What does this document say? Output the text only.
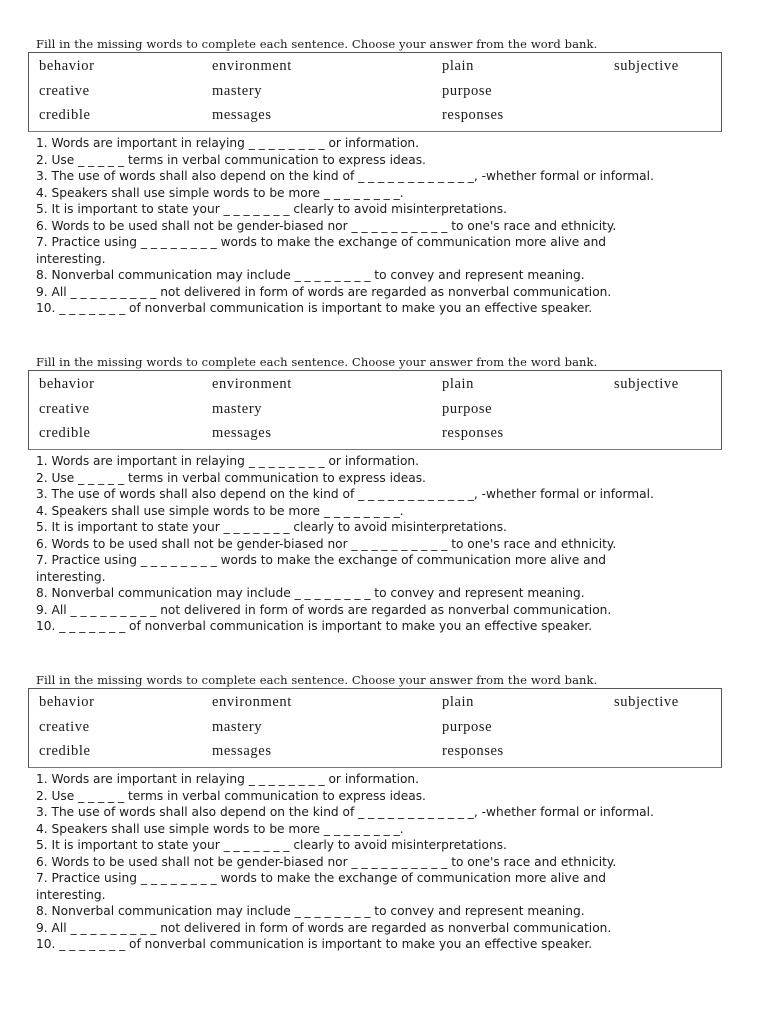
Fill in the missing words to complete each sentence. Choose your answer from the word bank.
behavior	environment	plain	subjective
creative	mastery	purpose
credible	messages	responses
1. Words are important in relaying _ _ _ _ _ _ _ _ or information.
2. Use _ _ _ _ _ terms in verbal communication to express ideas.
3. The use of words shall also depend on the kind of _ _ _ _ _ _ _ _ _ _ _ _, -whether formal or informal.
4. Speakers shall use simple words to be more _ _ _ _ _ _ _ _.
5. It is important to state your _ _ _ _ _ _ _ clearly to avoid misinterpretations.
6. Words to be used shall not be gender-biased nor _ _ _ _ _ _ _ _ _ _ to one's race and ethnicity.
7. Practice using _ _ _ _ _ _ _ _ words to make the exchange of communication more alive and
interesting.
8. Nonverbal communication may include _ _ _ _ _ _ _ _ to convey and represent meaning.
9. All _ _ _ _ _ _ _ _ _ not delivered in form of words are regarded as nonverbal communication.
10. _ _ _ _ _ _ _ of nonverbal communication is important to make you an effective speaker.
Fill in the missing words to complete each sentence. Choose your answer from the word bank.
behavior	environment	plain	subjective
creative	mastery	purpose
credible	messages	responses
1. Words are important in relaying _ _ _ _ _ _ _ _ or information.
2. Use _ _ _ _ _ terms in verbal communication to express ideas.
3. The use of words shall also depend on the kind of _ _ _ _ _ _ _ _ _ _ _ _, -whether formal or informal.
4. Speakers shall use simple words to be more _ _ _ _ _ _ _ _.
5. It is important to state your _ _ _ _ _ _ _ clearly to avoid misinterpretations.
6. Words to be used shall not be gender-biased nor _ _ _ _ _ _ _ _ _ _ to one's race and ethnicity.
7. Practice using _ _ _ _ _ _ _ _ words to make the exchange of communication more alive and
interesting.
8. Nonverbal communication may include _ _ _ _ _ _ _ _ to convey and represent meaning.
9. All _ _ _ _ _ _ _ _ _ not delivered in form of words are regarded as nonverbal communication.
10. _ _ _ _ _ _ _ of nonverbal communication is important to make you an effective speaker.
Fill in the missing words to complete each sentence. Choose your answer from the word bank.
behavior	environment	plain	subjective
creative	mastery	purpose
credible	messages	responses
1. Words are important in relaying _ _ _ _ _ _ _ _ or information.
2. Use _ _ _ _ _ terms in verbal communication to express ideas.
3. The use of words shall also depend on the kind of _ _ _ _ _ _ _ _ _ _ _ _, -whether formal or informal.
4. Speakers shall use simple words to be more _ _ _ _ _ _ _ _.
5. It is important to state your _ _ _ _ _ _ _ clearly to avoid misinterpretations.
6. Words to be used shall not be gender-biased nor _ _ _ _ _ _ _ _ _ _ to one's race and ethnicity.
7. Practice using _ _ _ _ _ _ _ _ words to make the exchange of communication more alive and
interesting.
8. Nonverbal communication may include _ _ _ _ _ _ _ _ to convey and represent meaning.
9. All _ _ _ _ _ _ _ _ _ not delivered in form of words are regarded as nonverbal communication.
10. _ _ _ _ _ _ _ of nonverbal communication is important to make you an effective speaker.
